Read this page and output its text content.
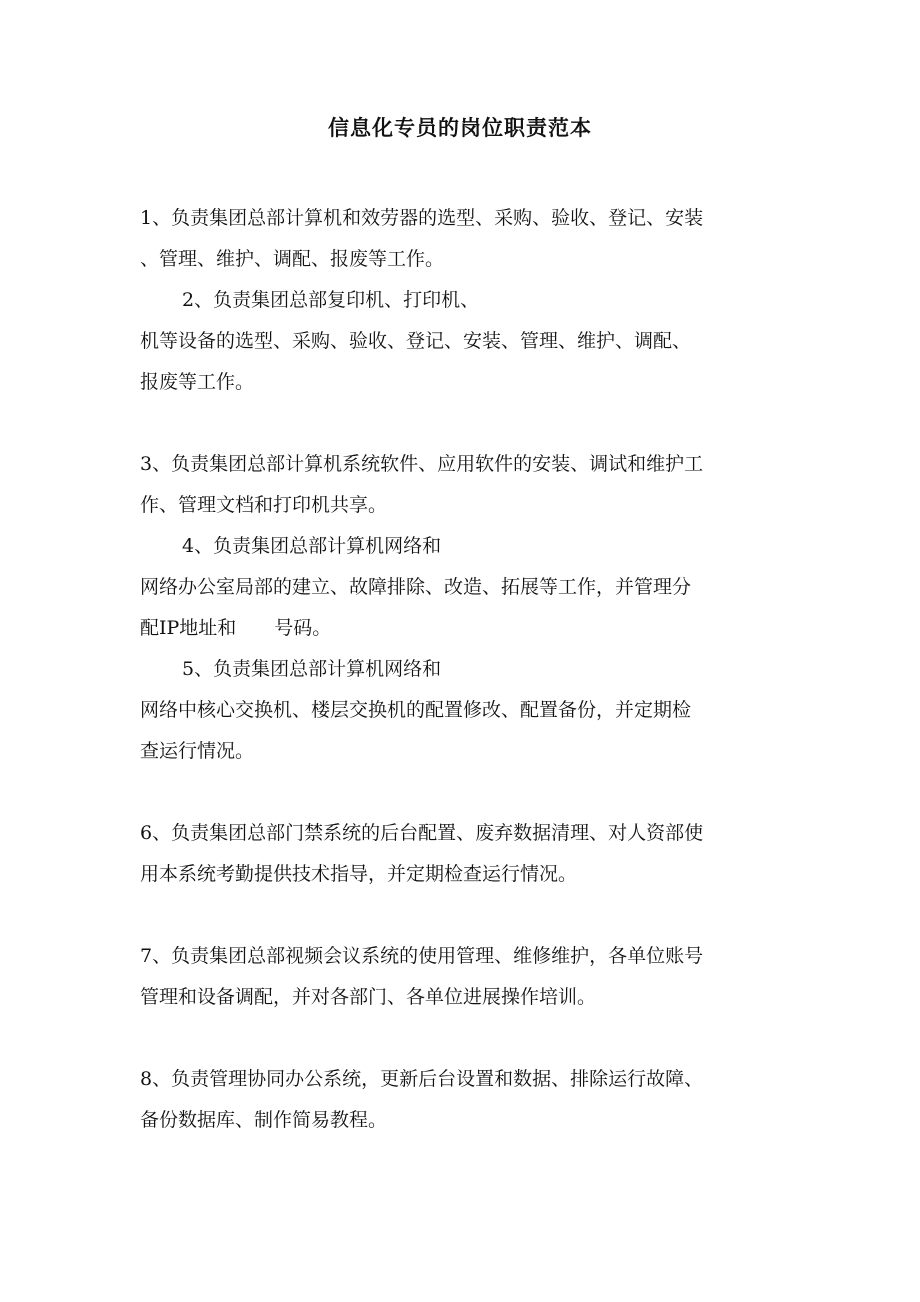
信息化专员的岗位职责范本
1、负责集团总部计算机和效劳器的选型、采购、验收、登记、安装
、管理、维护、调配、报废等工作。
2、负责集团总部复印机、打印机、
机等设备的选型、采购、验收、登记、安装、管理、维护、调配、
报废等工作。
3、负责集团总部计算机系统软件、应用软件的安装、调试和维护工
作、管理文档和打印机共享。
4、负责集团总部计算机网络和
网络办公室局部的建立、故障排除、改造、拓展等工作，并管理分
配IP地址和　　号码。
5、负责集团总部计算机网络和
网络中核心交换机、楼层交换机的配置修改、配置备份，并定期检
查运行情况。
6、负责集团总部门禁系统的后台配置、废弃数据清理、对人资部使
用本系统考勤提供技术指导，并定期检查运行情况。
7、负责集团总部视频会议系统的使用管理、维修维护，各单位账号
管理和设备调配，并对各部门、各单位进展操作培训。
8、负责管理协同办公系统，更新后台设置和数据、排除运行故障、
备份数据库、制作简易教程。
